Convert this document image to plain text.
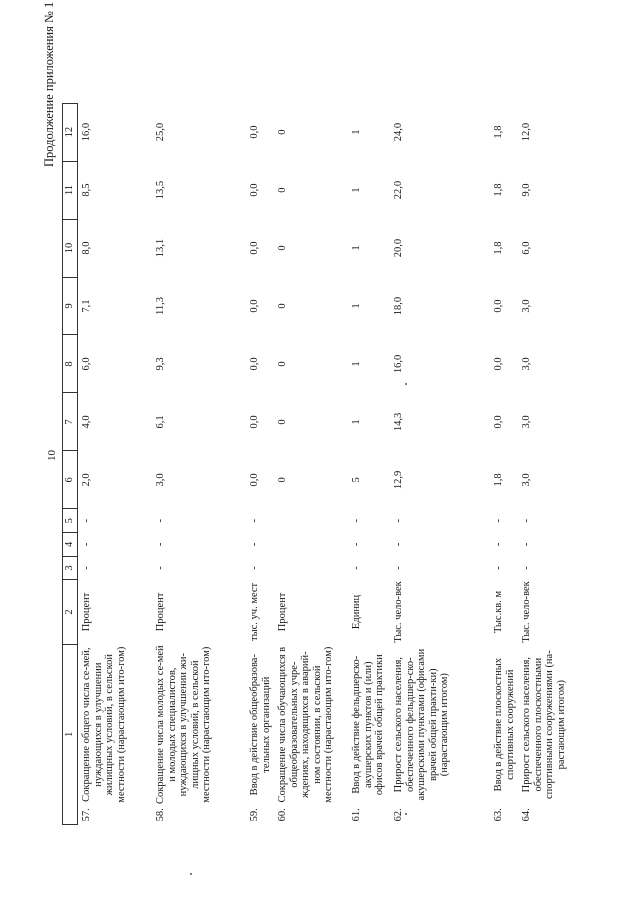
10
Продолжение приложения № 1
1		2	3	4	5	6	7	8	9	10	11	12
57.	Сокращение общего числа се-мей, нуждающихся в улучшении жилищных условий, в сельской местности (нарастающим ито-гом)	Процент	-	-	-	2,0	4,0	6,0	7,1	8,0	8,5	16,0
58.	Сокращение числа молодых се-мей и молодых специалистов, нуждающихся в улучшении жи-лищных условий, в сельской местности (нарастающим ито-гом)	Процент	-	-	-	3,0	6,1	9,3	11,3	13,1	13,5	25,0
59.	Ввод в действие общеобразова-тельных организаций	тыс. уч. мест	-	-	-	0,0	0,0	0,0	0,0	0,0	0,0	0,0
60.	Сокращение числа обучающихся в общеобразовательных учре-ждениях, находящихся в аварий-ном состоянии, в сельской местности (нарастающим ито-гом)	Процент				0	0	0	0	0	0	0
61.	Ввод в действие фельдшерско-акушерских пунктов и (или) офисов врачей общей практики	Единиц	-	-	-	5	1	1	1	1	1	1
62.	Прирост сельского населения, обеспеченного фельдшер-ско-акушерскими пунктами (офисами врачей общей практи-ки) (нарастающим итогом)	Тыс. чело-век	-	-	-	12,9	14,3	16,0	18,0	20,0	22,0	24,0
63.	Ввод в действие плоскостных спортивных сооружений	Тыс.кв. м	-	-	-	1,8	0,0	0,0	0,0	1,8	1,8	1,8
64.	Прирост сельского населения, обеспеченного плоскостными спортивными сооружениями (на-растающим итогом)	Тыс. чело-век	-	-	-	3,0	3,0	3,0	3,0	6,0	9,0	12,0
